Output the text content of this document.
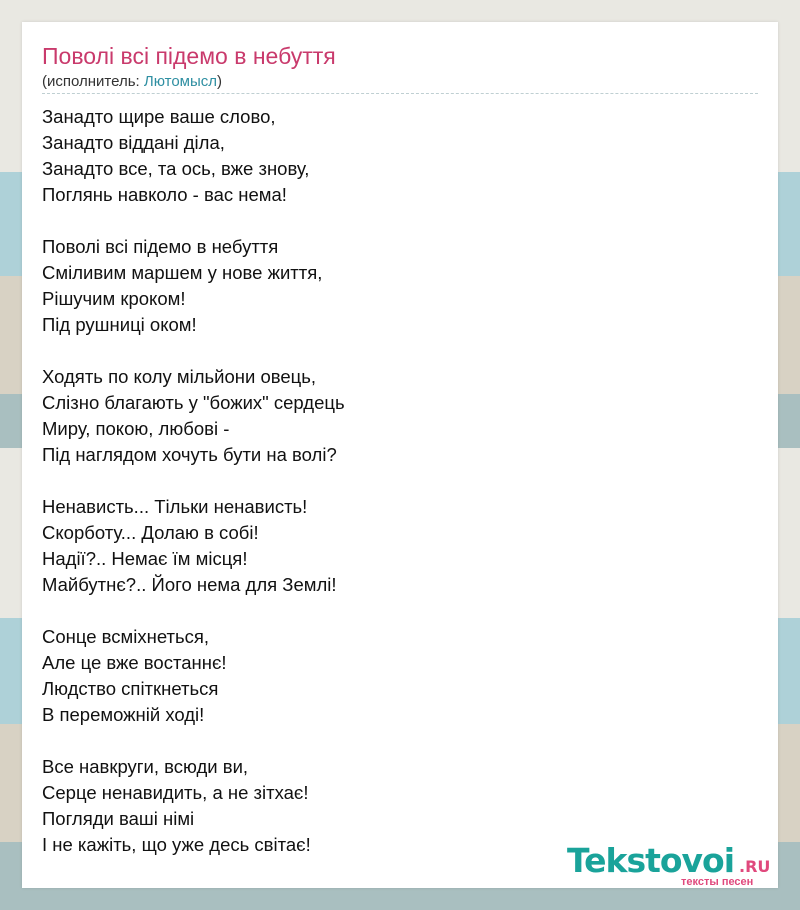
Поволі всі підемо в небуття
(исполнитель: Лютомысл)
Занадто щире ваше слово,
Занадто віддані діла,
Занадто все, та ось, вже знову,
Поглянь навколо - вас нема!
Поволі всі підемо в небуття
Сміливим маршем у нове життя,
Рішучим кроком!
Під рушниці оком!
Ходять по колу мільйони овець,
Слізно благають у "божих" сердець
Миру, покою, любові -
Під наглядом хочуть бути на волі?
Ненависть... Тільки ненависть!
Скорботу... Долаю в собі!
Надії?.. Немає їм місця!
Майбутнє?.. Його нема для Землі!
Сонце всміхнеться,
Але це вже востаннє!
Людство спіткнеться
В переможній ході!
Все навкруги, всюди ви,
Серце ненавидить, а не зітхає!
Погляди ваші німі
І не кажіть, що уже десь світає!	Tekstovoi .RU
тексты песен
